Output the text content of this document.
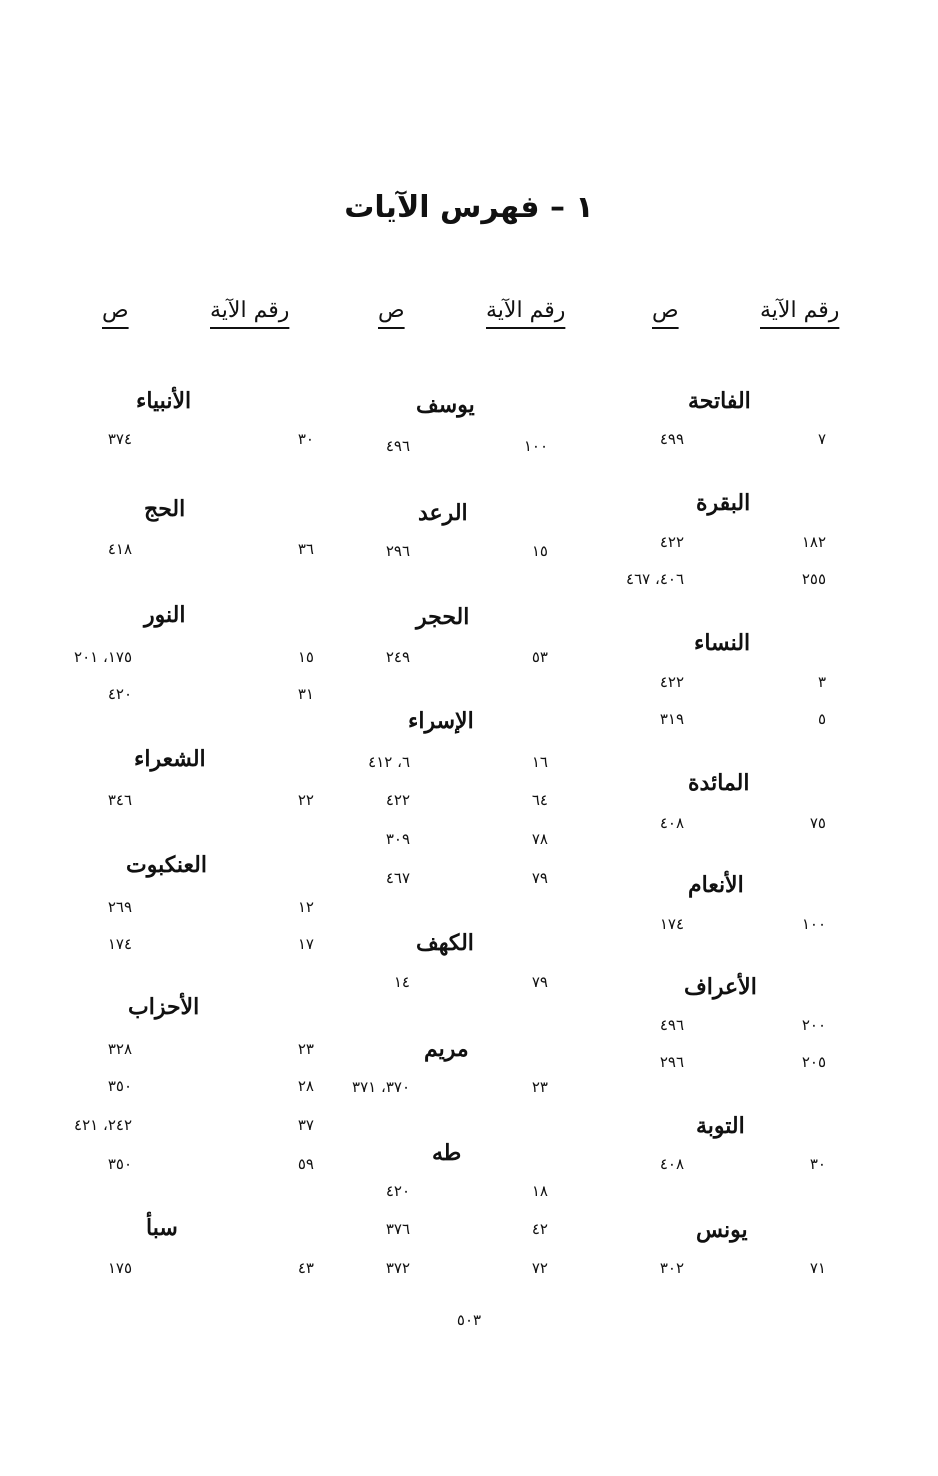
١ – فهرس الآيات
رقم الآية
ص
الفاتحة
٧
٤٩٩
البقرة
١٨٢
٤٢٢
٢٥٥
٤٠٦، ٤٦٧
النساء
٣
٤٢٢
٥
٣١٩
المائدة
٧٥
٤٠٨
الأنعام
١٠٠
١٧٤
الأعراف
٢٠٠
٤٩٦
٢٠٥
٢٩٦
التوبة
٣٠
٤٠٨
يونس
٧١
٣٠٢
رقم الآية
ص
يوسف
١٠٠
٤٩٦
الرعد
١٥
٢٩٦
الحجر
٥٣
٢٤٩
الإسراء
١٦
٦، ٤١٢
٦٤
٤٢٢
٧٨
٣٠٩
٧٩
٤٦٧
الكهف
٧٩
١٤
مريم
٢٣
٣٧٠، ٣٧١
طه
١٨
٤٢٠
٤٢
٣٧٦
٧٢
٣٧٢
رقم الآية
ص
الأنبياء
٣٠
٣٧٤
الحج
٣٦
٤١٨
النور
١٥
١٧٥، ٢٠١
٣١
٤٢٠
الشعراء
٢٢
٣٤٦
العنكبوت
١٢
٢٦٩
١٧
١٧٤
الأحزاب
٢٣
٣٢٨
٢٨
٣٥٠
٣٧
٢٤٢، ٤٢١
٥٩
٣٥٠
سبأ
٤٣
١٧٥
٥٠٣
